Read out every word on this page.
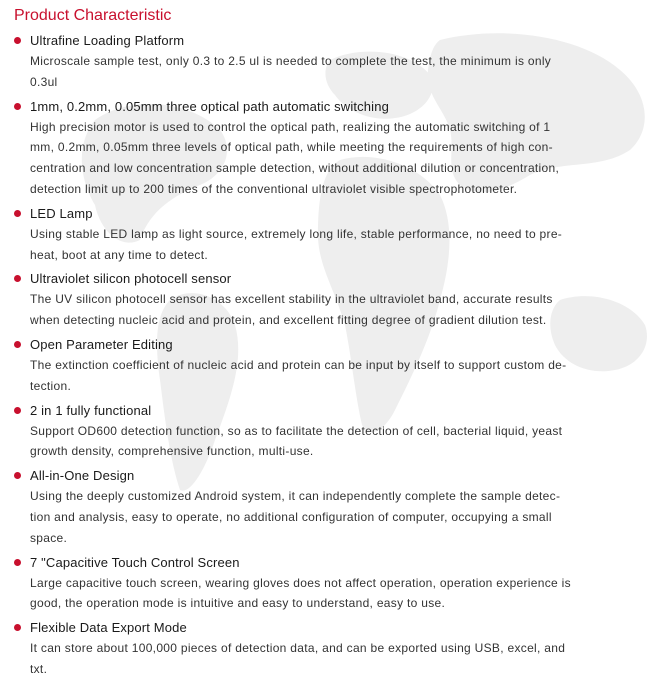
Product Characteristic
Ultrafine Loading Platform
Microscale sample test, only 0.3 to 2.5 ul is needed to complete the test, the minimum is only
0.3ul
1mm, 0.2mm, 0.05mm three optical path automatic switching
High precision motor is used to control the optical path, realizing the automatic switching of 1
mm, 0.2mm, 0.05mm three levels of optical path, while meeting the requirements of high con-
centration and low concentration sample detection, without additional dilution or concentration,
detection limit up to 200 times of the conventional ultraviolet visible spectrophotometer.
LED Lamp
Using stable LED lamp as light source, extremely long life, stable performance, no need to pre-
heat, boot at any time to detect.
Ultraviolet silicon photocell sensor
The UV silicon photocell sensor has excellent stability in the ultraviolet band, accurate results
when detecting nucleic acid and protein, and excellent fitting degree of gradient dilution test.
Open Parameter Editing
The extinction coefficient of nucleic acid and protein can be input by itself to support custom de-
tection.
2 in 1 fully functional
Support OD600 detection function, so as to facilitate the detection of cell, bacterial liquid, yeast
growth density, comprehensive function, multi-use.
All-in-One Design
Using the deeply customized Android system, it can independently complete the sample detec-
tion and analysis, easy to operate, no additional configuration of computer, occupying a small
space.
7 "Capacitive Touch Control Screen
Large capacitive touch screen, wearing gloves does not affect operation, operation experience is
good, the operation mode is intuitive and easy to understand, easy to use.
Flexible Data Export Mode
It can store about 100,000 pieces of detection data, and can be exported using USB, excel, and
txt.
